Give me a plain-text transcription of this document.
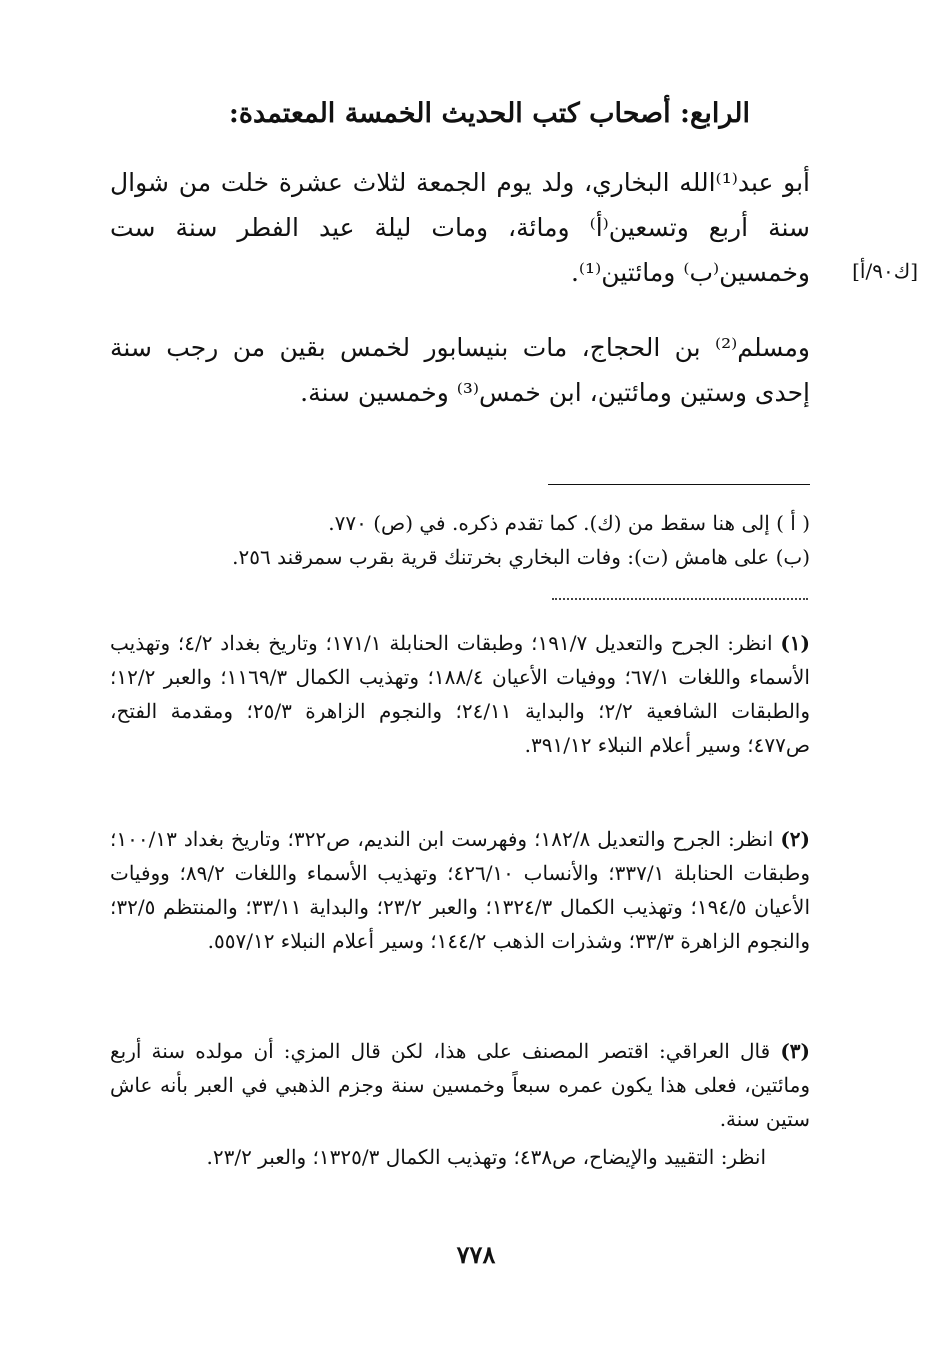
الرابع: أصحاب كتب الحديث الخمسة المعتمدة:

أبو عبد⁽¹⁾الله البخاري، ولد يوم الجمعة لثلاث عشرة خلت من شوال سنة أربع وتسعين⁽أ⁾ ومائة، ومات ليلة عيد الفطر سنة ست وخمسين⁽ب⁾ ومائتين⁽¹⁾.	[ك٩٠/أ]

ومسلم⁽²⁾ بن الحجاج، مات بنيسابور لخمس بقين من رجب سنة إحدى وستين ومائتين، ابن خمس⁽³⁾ وخمسين سنة.

( أ ) إلى هنا سقط من (ك). كما تقدم ذكره. في (ص) ٧٧٠.

(ب) على هامش (ت): وفات البخاري بخرتنك قرية بقرب سمرقند ٢٥٦.

(١) انظر: الجرح والتعديل ١٩١/٧؛ وطبقات الحنابلة ١٧١/١؛ وتاريخ بغداد ٤/٢؛ وتهذيب الأسماء واللغات ٦٧/١؛ ووفيات الأعيان ١٨٨/٤؛ وتهذيب الكمال ١١٦٩/٣؛ والعبر ١٢/٢؛ والطبقات الشافعية ٢/٢؛ والبداية ٢٤/١١؛ والنجوم الزاهرة ٢٥/٣؛ ومقدمة الفتح، ص٤٧٧؛ وسير أعلام النبلاء ٣٩١/١٢.
(٢) انظر: الجرح والتعديل ١٨٢/٨؛ وفهرست ابن النديم، ص٣٢٢؛ وتاريخ بغداد ١٠٠/١٣؛ وطبقات الحنابلة ٣٣٧/١؛ والأنساب ٤٢٦/١٠؛ وتهذيب الأسماء واللغات ٨٩/٢؛ ووفيات الأعيان ١٩٤/٥؛ وتهذيب الكمال ١٣٢٤/٣؛ والعبر ٢٣/٢؛ والبداية ٣٣/١١؛ والمنتظم ٣٢/٥؛ والنجوم الزاهرة ٣٣/٣؛ وشذرات الذهب ١٤٤/٢؛ وسير أعلام النبلاء ٥٥٧/١٢.
(٣) قال العراقي: اقتصر المصنف على هذا، لكن قال المزي: أن مولده سنة أربع ومائتين، فعلى هذا يكون عمره سبعاً وخمسين سنة وجزم الذهبي في العبر بأنه عاش ستين سنة.
انظر: التقييد والإيضاح، ص٤٣٨؛ وتهذيب الكمال ١٣٢٥/٣؛ والعبر ٢٣/٢.
٧٧٨
